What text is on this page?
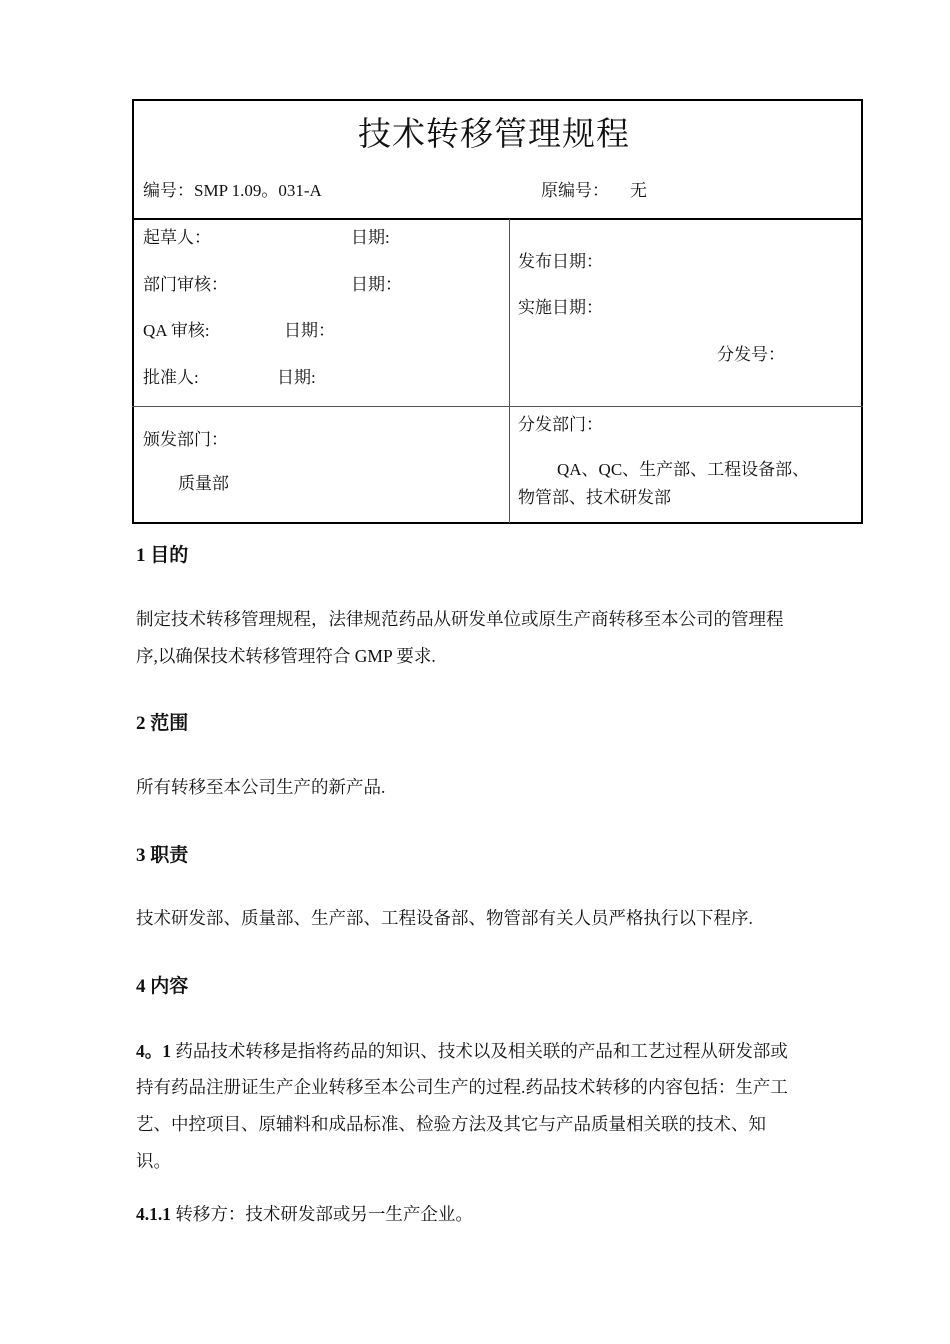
技术转移管理规程
编号：SMP 1.09。031-A	原编号： 无
起草人：	日期:
部门审核：	日期：
QA 审核:	日期：
批准人:	日期:
发布日期：
实施日期：
分发号：
颁发部门：
质量部
分发部门：
QA、QC、生产部、工程设备部、
物管部、技术研发部
1 目的
制定技术转移管理规程，法律规范药品从研发单位或原生产商转移至本公司的管理程
序,以确保技术转移管理符合 GMP 要求.
2 范围
所有转移至本公司生产的新产品.
3 职责
技术研发部、质量部、生产部、工程设备部、物管部有关人员严格执行以下程序.
4 内容
4。1 药品技术转移是指将药品的知识、技术以及相关联的产品和工艺过程从研发部或
持有药品注册证生产企业转移至本公司生产的过程.药品技术转移的内容包括：生产工
艺、中控项目、原辅料和成品标准、检验方法及其它与产品质量相关联的技术、知
识。
4.1.1 转移方：技术研发部或另一生产企业。
